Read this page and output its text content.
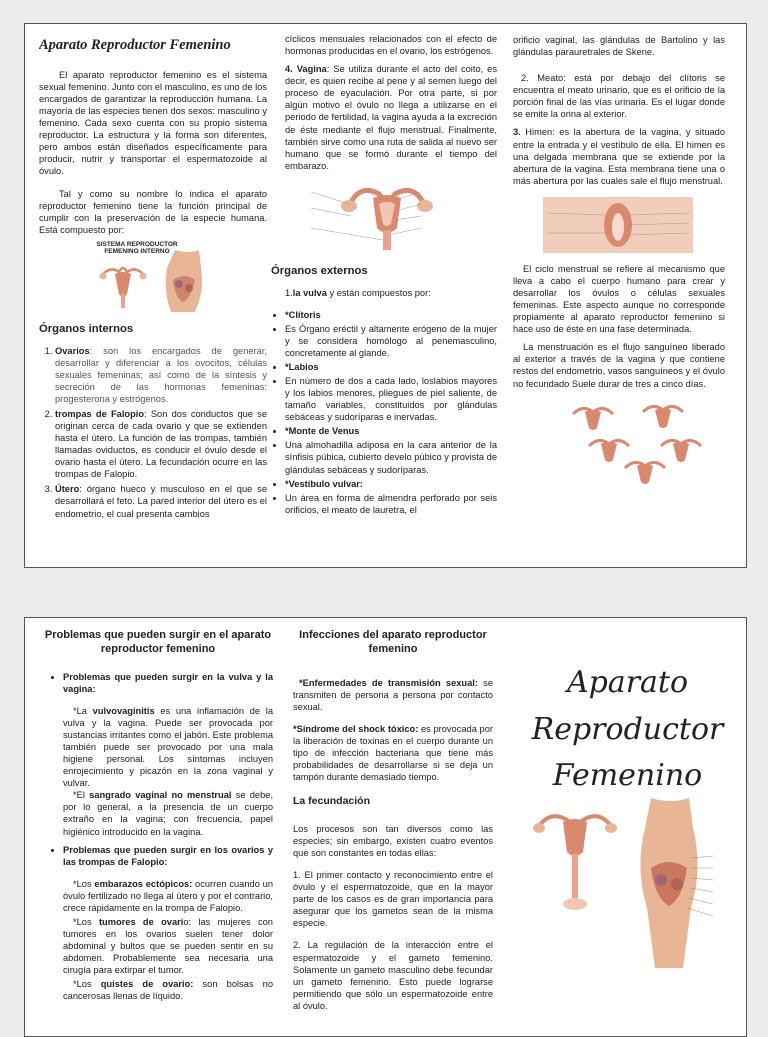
Aparato Reproductor Femenino

El aparato reproductor femenino es el sistema sexual femenino. Junto con el masculino, es uno de los encargados de garantizar la reproducción humana. La mayoría de las especies tienen dos sexos: masculino y femenino. Cada sexo cuenta con su propio sistema reproductor. La estructura y la forma son diferentes, pero ambos están diseñados específicamente para producir, nutrir y transportar el espermatozoide al óvulo.

Tal y como su nombre lo indica el aparato reproductor femenino tiene la función principal de cumplir con la preservación de la especie humana. Está compuesto por:

SISTEMA REPRODUCTOR
FEMENINO INTERNO
Órganos internos
1. Ovarios: son los encargados de generar, desarrollar y diferenciar a los ovocitos, células sexuales femeninas; así como de la síntesis y secreción de las hormonas femeninas: progesterona y estrógenos.
2. trompas de Falopio: Son dos conductos que se originan cerca de cada ovario y que se extienden hasta el útero. La función de las trompas, también llamadas oviductos, es conducir el óvulo desde el ovario hasta el útero. La fecundación ocurre en las trompas de Falopio.
3. Útero: órgano hueco y musculoso en el que se desarrollará el feto. La pared interior del útero es el endometrio, el cual presenta cambios

cíclicos mensuales relacionados con el efecto de hormonas producidas en el ovario, los estrógenos.

4. Vagina: Se utiliza durante el acto del coito, es decir, es quien recibe al pene y al semen luego del proceso de eyaculación. Por otra parte, si por algún motivo el óvulo no llega a utilizarse en el periodo de fertilidad, la vagina ayuda a la excreción de éste mediante el flujo menstrual. Finalmente, también sirve como una ruta de salida al nuevo ser humano que se formó durante el tiempo del embarazo.

Órganos externos

1.la vulva y están compuestos por:

• *Clítoris
• Es Órgano eréctil y altamente erógeno de la mujer y se considera homólogo al penemasculino, concretamente al glande.
• *Labios
• En número de dos a cada lado, loslabios mayores y los labios menores, pliegues de piel saliente, de tamaño variables, constituidos por glándulas sebáceas y sudoríparas e inervadas.
• *Monte de Venus
• Una almohadilla adiposa en la cara anterior de la sínfisis púbica, cubierto develo púbico y provista de glándulas sebáceas y sudoríparas.
• *Vestíbulo vulvar:
• Un área en forma de almendra perforado por seis orificios, el meato de lauretra, el

orificio vaginal, las glándulas de Bartolino y las glándulas parauretrales de Skene.

2. Meato: está por debajo del clítoris se encuentra el meato urinario, que es el orificio de la porción final de las vías urinaria. Es el lugar donde se emite la orina al exterior.

3. Himen: es la abertura de la vagina, y situado entre la entrada y el vestíbulo de ella. El himen es una delgada membrana que se extiende por la abertura de la vagina. Esta membrana tiene una o más abertura por las cuales sale el flujo menstrual.

El ciclo menstrual se refiere al mecanismo que lleva a cabo el cuerpo humano para crear y desarrollar los óvulos o células sexuales femeninas. Este aspecto aunque no corresponde propiamente al aparato reproductor femenino si hace uso de éste en una fase determinada.

La menstruación es el flujo sanguíneo liberado al exterior a través de la vagina y que contiene restos del endometrio, vasos sanguíneos y el óvulo no fecundado Suele durar de tres a cinco días.

Problemas que pueden surgir en el aparato reproductor femenino
• Problemas que pueden surgir en la vulva y la vagina:

*La vulvovaginitis es una inflamación de la vulva y la vagina. Puede ser provocada por sustancias irritantes como el jabón. Este problema también puede ser provocado por una mala higiene personal. Los síntomas incluyen enrojecimiento y picazón en la zona vaginal y vulvar.

*El sangrado vaginal no menstrual se debe, por lo general, a la presencia de un cuerpo extraño en la vagina; con frecuencia, papel higiénico introducido en la vagina.

• Problemas que pueden surgir en los ovarios y las trompas de Falopio:

*Los embarazos ectópicos: ocurren cuando un óvulo fertilizado no llega al útero y por el contrario, crece rápidamente en la trompa de Falopio.

*Los tumores de ovario: las mujeres con tumores en los ovarios suelen tener dolor abdominal y bultos que se pueden sentir en su abdomen. Probablemente sea necesaria una cirugía para extirpar el tumor.

*Los quistes de ovario: son bolsas no cancerosas llenas de líquido.

Infecciones del aparato reproductor femenino

*Enfermedades de transmisión sexual: se transmiten de persona a persona por contacto sexual.

*Síndrome del shock tóxico: es provocada por la liberación de toxinas en el cuerpo durante un tipo de infección bacteriana que tiene más probabilidades de desarrollarse si se deja un tampón durante demasiado tiempo.

La fecundación

Los procesos son tan diversos como las especies; sin embargo, existen cuatro eventos que son constantes en todas ellas:

1. El primer contacto y reconocimiento entre el óvulo y el espermatozoide, que en la mayor parte de los casos es de gran importancia para asegurar que los gametos sean de la misma especie.

2. La regulación de la interacción entre el espermatozoide y el gameto femenino. Solamente un gameto masculino debe fecundar un gameto femenino. Esto puede lograrse permitiendo que sólo un espermatozoide entre al óvulo.

Aparato
Reproductor
Femenino
